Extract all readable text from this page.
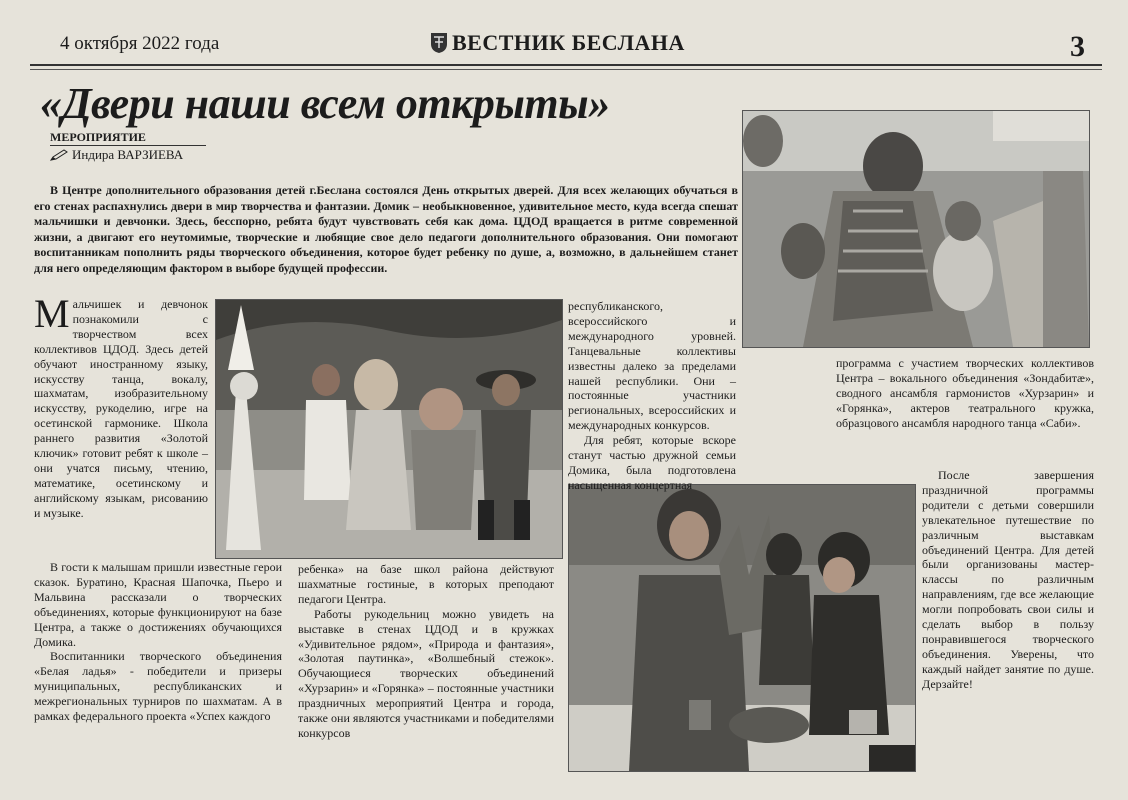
4 октября 2022 года	ВЕСТНИК БЕСЛАНА	3
«Двери наши всем открыты»
МЕРОПРИЯТИЕ
Индира ВАРЗИЕВА

В Центре дополнительного образования детей г.Беслана состоялся День открытых дверей. Для всех желающих обучаться в его стенах распахнулись двери в мир творчества и фантазии. Домик – необыкновенное, удивительное место, куда всегда спешат мальчишки и девчонки. Здесь, бесспорно, ребята будут чувствовать себя как дома. ЦДОД вращается в ритме современной жизни, а двигают его неутомимые, творческие и любящие свое дело педагоги дополнительного образования. Они помогают воспитанникам пополнить ряды творческого объединения, которое будет ребенку по душе, а, возможно, в дальнейшем станет для него определяющим фактором в выборе будущей профессии.

Мальчишек и девчонок познакомили с творчеством всех коллективов ЦДОД. Здесь детей обучают иностранному языку, искусству танца, вокалу, шахматам, изобразительному искусству, рукоделию, игре на осетинской гармонике. Школа раннего развития «Золотой ключик» готовит ребят к школе – они учатся письму, чтению, математике, осетинскому и английскому языкам, рисованию и музыке.

В гости к малышам пришли известные герои сказок. Буратино, Красная Шапочка, Пьеро и Мальвина рассказали о творческих объединениях, которые функционируют на базе Центра, а также о достижениях обучающихся Домика.

Воспитанники творческого объединения «Белая ладья» - победители и призеры муниципальных, республиканских и межрегиональных турниров по шахматам. А в рамках федерального проекта «Успех каждого

ребенка» на базе школ района действуют шахматные гостиные, в которых преподают педагоги Центра.

Работы рукодельниц можно увидеть на выставке в стенах ЦДОД и в кружках «Удивительное рядом», «Природа и фантазия», «Золотая паутинка», «Волшебный стежок». Обучающиеся творческих объединений «Хурзарин» и «Горянка» – постоянные участники праздничных мероприятий Центра и города, также они являются участниками и победителями конкурсов

республиканского, всероссийского и международного уровней. Танцевальные коллективы известны далеко за пределами нашей республики. Они – постоянные участники региональных, всероссийских и международных конкурсов.

Для ребят, которые вскоре станут частью дружной семьи Домика, была подготовлена насыщенная концертная

программа с участием творческих коллективов Центра – вокального объединения «Зондабитæ», сводного ансамбля гармонистов «Хурзарин» и «Горянка», актеров театрального кружка, образцового ансамбля народного танца «Саби».

После завершения праздничной программы родители с детьми совершили увлекательное путешествие по различным выставкам объединений Центра. Для детей были организованы мастер-классы по различным направлениям, где все желающие могли попробовать свои силы и сделать выбор в пользу понравившегося творческого объединения. Уверены, что каждый найдет занятие по душе. Дерзайте!
